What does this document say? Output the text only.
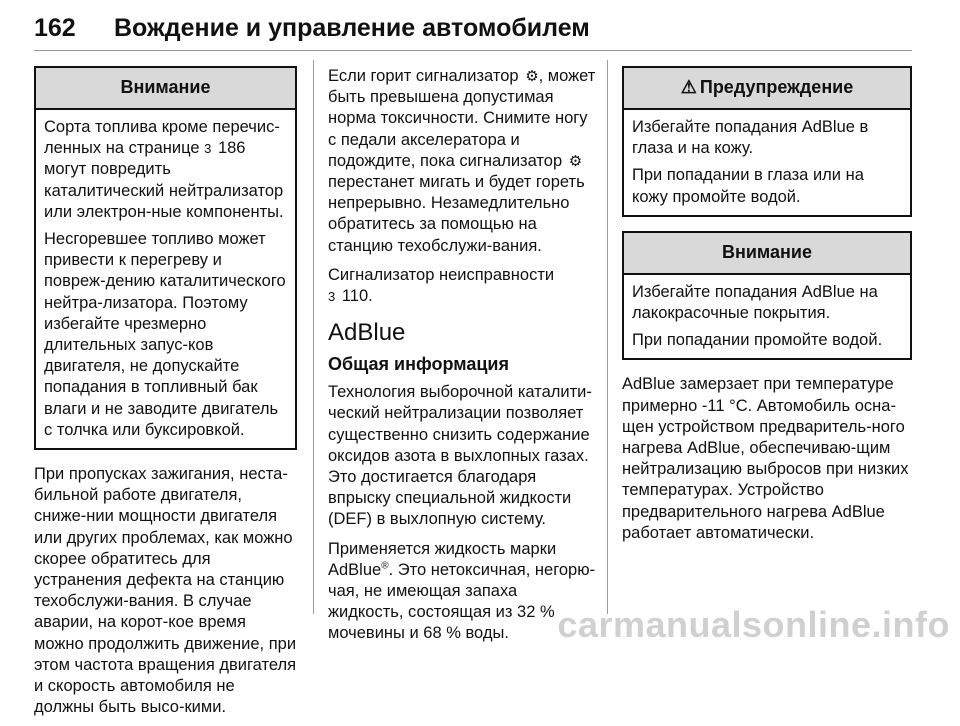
162 Вождение и управление автомобилем
Внимание

Сорта топлива кроме перечис-ленных на странице 3 186 могут повредить каталитический нейтрализатор или электрон-ные компоненты.

Несгоревшее топливо может привести к перегреву и повреж-дению каталитического нейтра-лизатора. Поэтому избегайте чрезмерно длительных запус-ков двигателя, не допускайте попадания в топливный бак влаги и не заводите двигатель с толчка или буксировкой.

При пропусках зажигания, неста-бильной работе двигателя, сниже-нии мощности двигателя или других проблемах, как можно скорее обратитесь для устранения дефекта на станцию техобслужи-вания. В случае аварии, на корот-кое время можно продолжить движение, при этом частота вращения двигателя и скорость автомобиля не должны быть высо-кими.

Если горит сигнализатор ⚙, может быть превышена допустимая норма токсичности. Снимите ногу с педали акселератора и подождите, пока сигнализатор ⚙ перестанет мигать и будет гореть непрерывно. Незамедлительно обратитесь за помощью на станцию техобслужи-вания.

Сигнализатор неисправности
3 110.

AdBlue
Общая информация

Технология выборочной каталити-ческий нейтрализации позволяет существенно снизить содержание оксидов азота в выхлопных газах. Это достигается благодаря впрыску специальной жидкости (DEF) в выхлопную систему.

Применяется жидкость марки AdBlue®. Это нетоксичная, негорю-чая, не имеющая запаха жидкость, состоящая из 32 % мочевины и 68 % воды.

⚠ Предупреждение

Избегайте попадания AdBlue в глаза и на кожу.

При попадании в глаза или на кожу промойте водой.

Внимание

Избегайте попадания AdBlue на лакокрасочные покрытия.

При попадании промойте водой.

AdBlue замерзает при температуре примерно -11 °C. Автомобиль осна-щен устройством предваритель-ного нагрева AdBlue, обеспечиваю-щим нейтрализацию выбросов при низких температурах. Устройство предварительного нагрева AdBlue работает автоматически.

carmanualsonline.info
